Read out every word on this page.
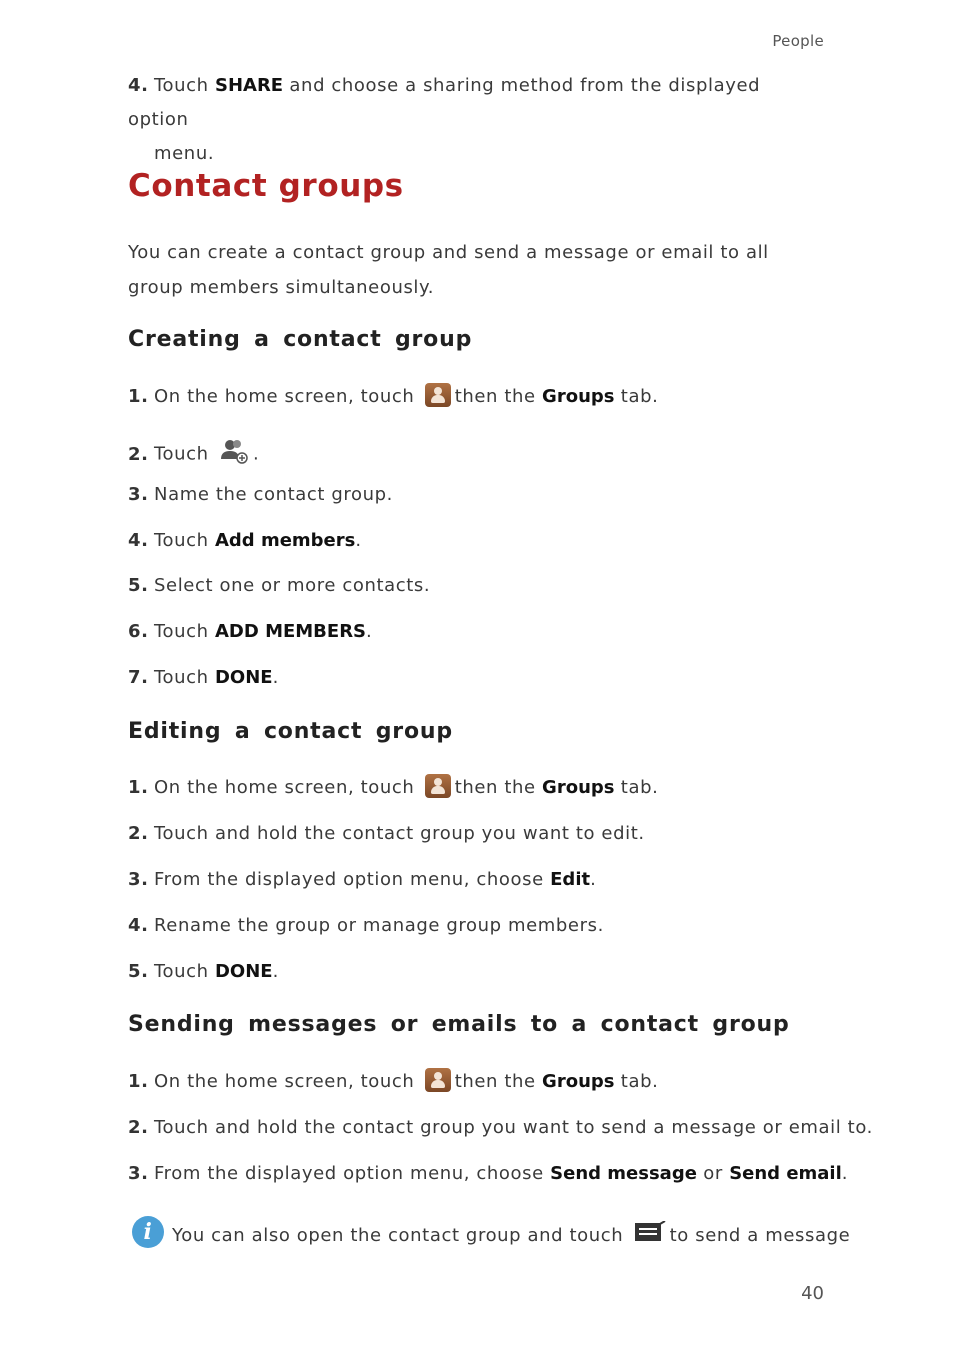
People
4. Touch SHARE and choose a sharing method from the displayed option
menu.
Contact groups

You can create a contact group and send a message or email to all group members simultaneously.

Creating a contact group
1. On the home screen, touch then the Groups tab.
2. Touch .
3. Name the contact group.
4. Touch Add members.
5. Select one or more contacts.
6. Touch ADD MEMBERS.
7. Touch DONE.
Editing a contact group
1. On the home screen, touch then the Groups tab.
2. Touch and hold the contact group you want to edit.
3. From the displayed option menu, choose Edit.
4. Rename the group or manage group members.
5. Touch DONE.
Sending messages or emails to a contact group
1. On the home screen, touch then the Groups tab.
2. Touch and hold the contact group you want to send a message or email to.
3. From the displayed option menu, choose Send message or Send email.
i You can also open the contact group and touch	to send a message
40
